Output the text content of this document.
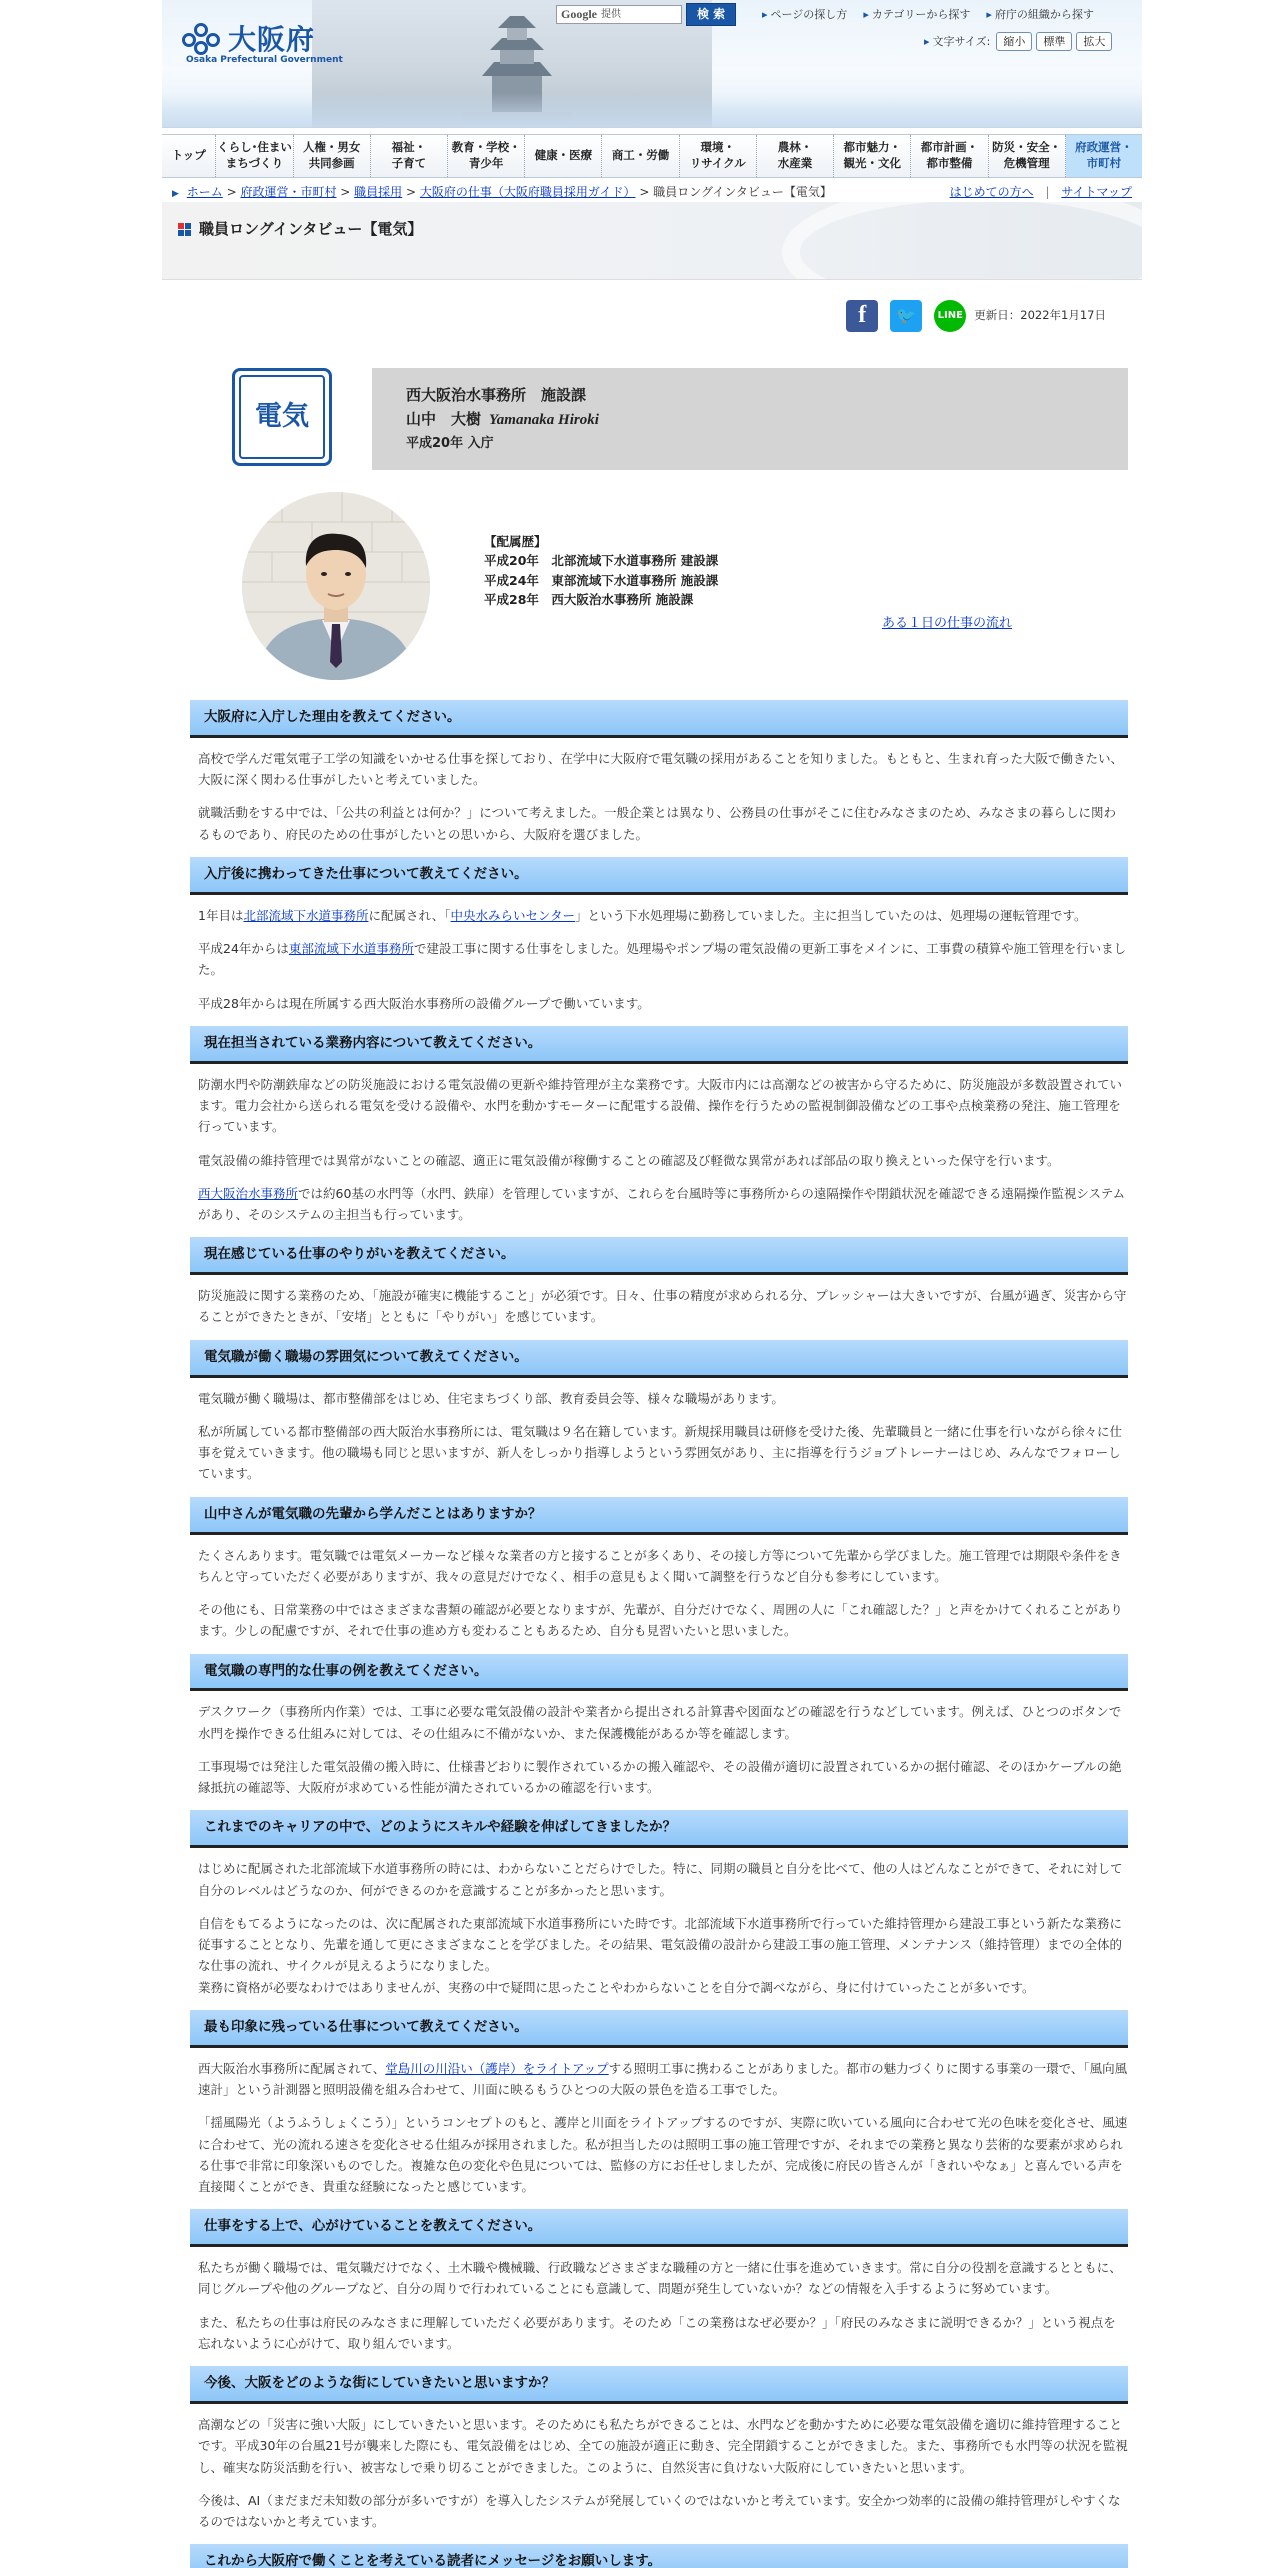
大阪府
Osaka Prefectural Government
Google 提供	検 索	▸ ページの探し方	▸ カテゴリーから探す	▸ 府庁の組織から探す
▸ 文字サイズ:	縮小	標準	拡大
トップ
くらし･住まい
まちづくり
人権・男女
共同参画
福祉・
子育て
教育・学校・
青少年
健康・医療	商工・労働
環境・
リサイクル
農林・
水産業
都市魅力・
観光・文化
都市計画・
都市整備
防災・安全・
危機管理
府政運営・
市町村
▶ ホーム > 府政運営・市町村 > 職員採用 > 大阪府の仕事（大阪府職員採用ガイド） > 職員ロングインタビュー【電気】	はじめての方へ | サイトマップ
職員ロングインタビュー【電気】
f	🐦	LINE 更新日：2022年1月17日
電気
西大阪治水事務所　施設課
山中　大樹 Yamanaka Hiroki
平成20年 入庁
【配属歴】
平成20年　北部流域下水道事務所 建設課
平成24年　東部流域下水道事務所 施設課
平成28年　西大阪治水事務所 施設課
ある１日の仕事の流れ
大阪府に入庁した理由を教えてください。

高校で学んだ電気電子工学の知識をいかせる仕事を探しており、在学中に大阪府で電気職の採用があることを知りました。もともと、生まれ育った大阪で働きたい、大阪に深く関わる仕事がしたいと考えていました。

就職活動をする中では、「公共の利益とは何か？」について考えました。一般企業とは異なり、公務員の仕事がそこに住むみなさまのため、みなさまの暮らしに関わるものであり、府民のための仕事がしたいとの思いから、大阪府を選びました。

入庁後に携わってきた仕事について教えてください。

1年目は北部流域下水道事務所に配属され、「中央水みらいセンター」という下水処理場に勤務していました。主に担当していたのは、処理場の運転管理です。

平成24年からは東部流域下水道事務所で建設工事に関する仕事をしました。処理場やポンプ場の電気設備の更新工事をメインに、工事費の積算や施工管理を行いました。

平成28年からは現在所属する西大阪治水事務所の設備グループで働いています。

現在担当されている業務内容について教えてください。

防潮水門や防潮鉄扉などの防災施設における電気設備の更新や維持管理が主な業務です。大阪市内には高潮などの被害から守るために、防災施設が多数設置されています。電力会社から送られる電気を受ける設備や、水門を動かすモーターに配電する設備、操作を行うための監視制御設備などの工事や点検業務の発注、施工管理を行っています。

電気設備の維持管理では異常がないことの確認、適正に電気設備が稼働することの確認及び軽微な異常があれば部品の取り換えといった保守を行います。

西大阪治水事務所では約60基の水門等（水門、鉄扉）を管理していますが、これらを台風時等に事務所からの遠隔操作や閉鎖状況を確認できる遠隔操作監視システムがあり、そのシステムの主担当も行っています。

現在感じている仕事のやりがいを教えてください。

防災施設に関する業務のため、「施設が確実に機能すること」が必須です。日々、仕事の精度が求められる分、プレッシャーは大きいですが、台風が過ぎ、災害から守ることができたときが、「安堵」とともに「やりがい」を感じています。

電気職が働く職場の雰囲気について教えてください。

電気職が働く職場は、都市整備部をはじめ、住宅まちづくり部、教育委員会等、様々な職場があります。

私が所属している都市整備部の西大阪治水事務所には、電気職は９名在籍しています。新規採用職員は研修を受けた後、先輩職員と一緒に仕事を行いながら徐々に仕事を覚えていきます。他の職場も同じと思いますが、新人をしっかり指導しようという雰囲気があり、主に指導を行うジョブトレーナーはじめ、みんなでフォローしています。

山中さんが電気職の先輩から学んだことはありますか？

たくさんあります。電気職では電気メーカーなど様々な業者の方と接することが多くあり、その接し方等について先輩から学びました。施工管理では期限や条件をきちんと守っていただく必要がありますが、我々の意見だけでなく、相手の意見もよく聞いて調整を行うなど自分も参考にしています。

その他にも、日常業務の中ではさまざまな書類の確認が必要となりますが、先輩が、自分だけでなく、周囲の人に「これ確認した？」と声をかけてくれることがあります。少しの配慮ですが、それで仕事の進め方も変わることもあるため、自分も見習いたいと思いました。

電気職の専門的な仕事の例を教えてください。

デスクワーク（事務所内作業）では、工事に必要な電気設備の設計や業者から提出される計算書や図面などの確認を行うなどしています。例えば、ひとつのボタンで水門を操作できる仕組みに対しては、その仕組みに不備がないか、また保護機能があるか等を確認します。

工事現場では発注した電気設備の搬入時に、仕様書どおりに製作されているかの搬入確認や、その設備が適切に設置されているかの据付確認、そのほかケーブルの絶縁抵抗の確認等、大阪府が求めている性能が満たされているかの確認を行います。

これまでのキャリアの中で、どのようにスキルや経験を伸ばしてきましたか？

はじめに配属された北部流域下水道事務所の時には、わからないことだらけでした。特に、同期の職員と自分を比べて、他の人はどんなことができて、それに対して自分のレベルはどうなのか、何ができるのかを意識することが多かったと思います。

自信をもてるようになったのは、次に配属された東部流域下水道事務所にいた時です。北部流域下水道事務所で行っていた維持管理から建設工事という新たな業務に従事することとなり、先輩を通して更にさまざまなことを学びました。その結果、電気設備の設計から建設工事の施工管理、メンテナンス（維持管理）までの全体的な仕事の流れ、サイクルが見えるようになりました。
業務に資格が必要なわけではありませんが、実務の中で疑問に思ったことやわからないことを自分で調べながら、身に付けていったことが多いです。

最も印象に残っている仕事について教えてください。

西大阪治水事務所に配属されて、堂島川の川沿い（護岸）をライトアップする照明工事に携わることがありました。都市の魅力づくりに関する事業の一環で、「風向風速計」という計測器と照明設備を組み合わせて、川面に映るもうひとつの大阪の景色を造る工事でした。

「揺風陽光（ようふうしょくこう）」というコンセプトのもと、護岸と川面をライトアップするのですが、実際に吹いている風向に合わせて光の色味を変化させ、風速に合わせて、光の流れる速さを変化させる仕組みが採用されました。私が担当したのは照明工事の施工管理ですが、それまでの業務と異なり芸術的な要素が求められる仕事で非常に印象深いものでした。複雑な色の変化や色見については、監修の方にお任せしましたが、完成後に府民の皆さんが「きれいやなぁ」と喜んでいる声を直接聞くことができ、貴重な経験になったと感じています。

仕事をする上で、心がけていることを教えてください。

私たちが働く職場では、電気職だけでなく、土木職や機械職、行政職などさまざまな職種の方と一緒に仕事を進めていきます。常に自分の役割を意識するとともに、同じグループや他のグループなど、自分の周りで行われていることにも意識して、問題が発生していないか？などの情報を入手するように努めています。

また、私たちの仕事は府民のみなさまに理解していただく必要があります。そのため「この業務はなぜ必要か？」「府民のみなさまに説明できるか？」という視点を忘れないように心がけて、取り組んでいます。

今後、大阪をどのような街にしていきたいと思いますか？

高潮などの「災害に強い大阪」にしていきたいと思います。そのためにも私たちができることは、水門などを動かすために必要な電気設備を適切に維持管理することです。平成30年の台風21号が襲来した際にも、電気設備をはじめ、全ての施設が適正に動き、完全閉鎖することができました。また、事務所でも水門等の状況を監視し、確実な防災活動を行い、被害なしで乗り切ることができました。このように、自然災害に負けない大阪府にしていきたいと思います。

今後は、AI（まだまだ未知数の部分が多いですが）を導入したシステムが発展していくのではないかと考えています。安全かつ効率的に設備の維持管理がしやすくなるのではないかと考えています。

これから大阪府で働くことを考えている読者にメッセージをお願いします。
